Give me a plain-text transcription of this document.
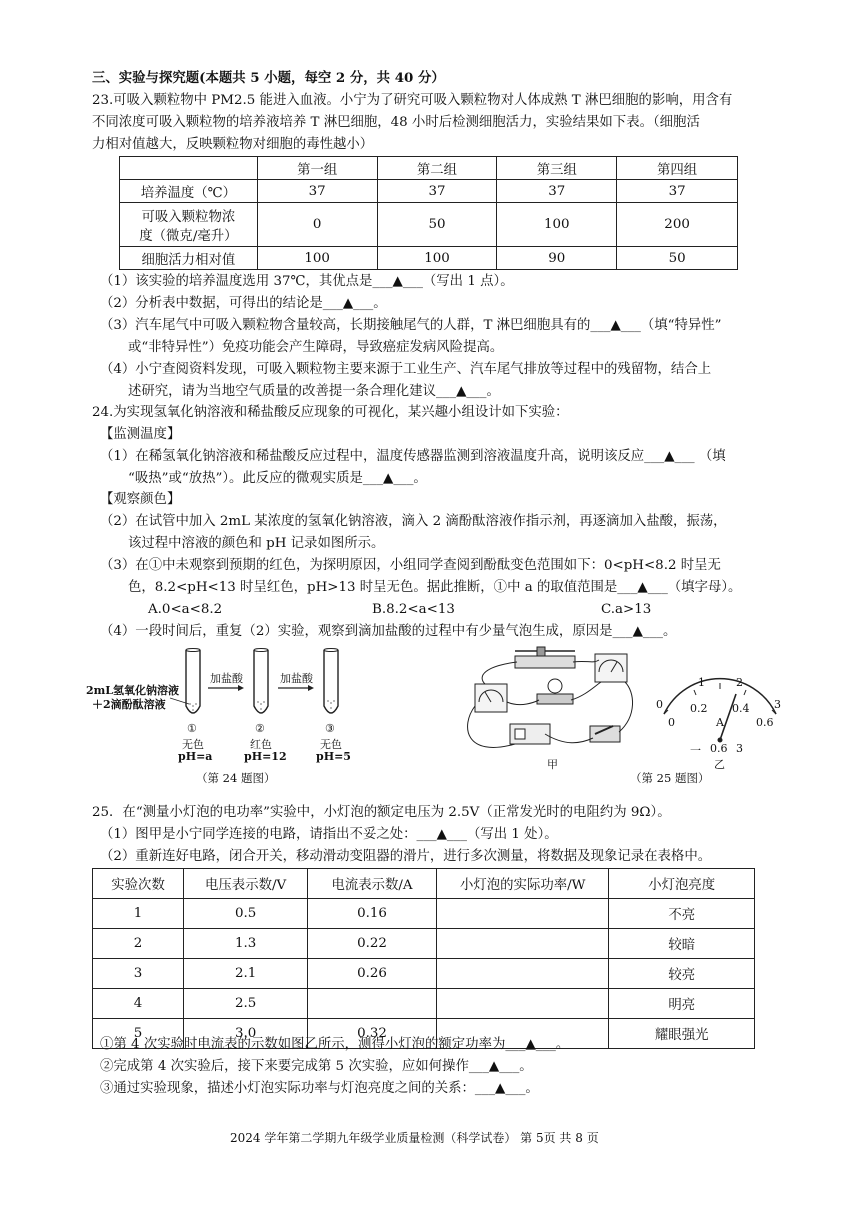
三、实验与探究题(本题共 5 小题，每空 2 分，共 40 分）
23.可吸入颗粒物中 PM2.5 能进入血液。小宁为了研究可吸入颗粒物对人体成熟 T 淋巴细胞的影响，用含有
不同浓度可吸入颗粒物的培养液培养 T 淋巴细胞，48 小时后检测细胞活力，实验结果如下表。（细胞活
力相对值越大，反映颗粒物对细胞的毒性越小）
	第一组	第二组	第三组	第四组
培养温度（℃）	37	37	37	37

可吸入颗粒物浓
度（微克/毫升）	0	50	100	200
细胞活力相对值	100	100	90	50
（1）该实验的培养温度选用 37℃，其优点是___▲___（写出 1 点）。
（2）分析表中数据，可得出的结论是___▲___。
（3）汽车尾气中可吸入颗粒物含量较高，长期接触尾气的人群，T 淋巴细胞具有的___▲___（填“特异性”
或“非特异性”）免疫功能会产生障碍，导致癌症发病风险提高。
（4）小宁查阅资料发现，可吸入颗粒物主要来源于工业生产、汽车尾气排放等过程中的残留物，结合上
述研究，请为当地空气质量的改善提一条合理化建议___▲___。
24.为实现氢氧化钠溶液和稀盐酸反应现象的可视化，某兴趣小组设计如下实验：
【监测温度】
（1）在稀氢氧化钠溶液和稀盐酸反应过程中，温度传感器监测到溶液温度升高，说明该反应___▲___ （填
“吸热”或“放热”）。此反应的微观实质是___▲___。
【观察颜色】
（2）在试管中加入 2mL 某浓度的氢氧化钠溶液，滴入 2 滴酚酞溶液作指示剂，再逐滴加入盐酸，振荡，
该过程中溶液的颜色和 pH 记录如图所示。
（3）在①中未观察到预期的红色，为探明原因，小组同学查阅到酚酞变色范围如下：0<pH<8.2 时呈无
色，8.2<pH<13 时呈红色，pH>13 时呈无色。据此推断，①中 a 的取值范围是___▲___（填字母）。
A.0<a<8.2	B.8.2<a<13	C.a>13
（4）一段时间后，重复（2）实验，观察到滴加盐酸的过程中有少量气泡生成，原因是___▲___。
2mL氢氧化钠溶液
＋2滴酚酞溶液
加盐酸	加盐酸
①
无色
pH=a
②
红色
pH=12
③
无色
pH=5
（第 24 题图）
甲
1	2
0	3
0
0.2 0.4
0.6
A
一 0.6 3
乙
（第 25 题图）
25．在“测量小灯泡的电功率”实验中，小灯泡的额定电压为 2.5V（正常发光时的电阻约为 9Ω）。
（1）图甲是小宁同学连接的电路，请指出不妥之处：___▲___（写出 1 处）。
（2）重新连好电路，闭合开关，移动滑动变阻器的滑片，进行多次测量，将数据及现象记录在表格中。
实验次数	电压表示数/V	电流表示数/A	小灯泡的实际功率/W	小灯泡亮度
1	0.5	0.16		不亮
2	1.3	0.22		较暗
3	2.1	0.26		较亮
4	2.5			明亮
5	3.0	0.32		耀眼强光
①第 4 次实验时电流表的示数如图乙所示，测得小灯泡的额定功率为___▲___。
②完成第 4 次实验后，接下来要完成第 5 次实验，应如何操作___▲___。
③通过实验现象，描述小灯泡实际功率与灯泡亮度之间的关系：___▲___。
2024 学年第二学期九年级学业质量检测（科学试卷） 第 5页 共 8 页
